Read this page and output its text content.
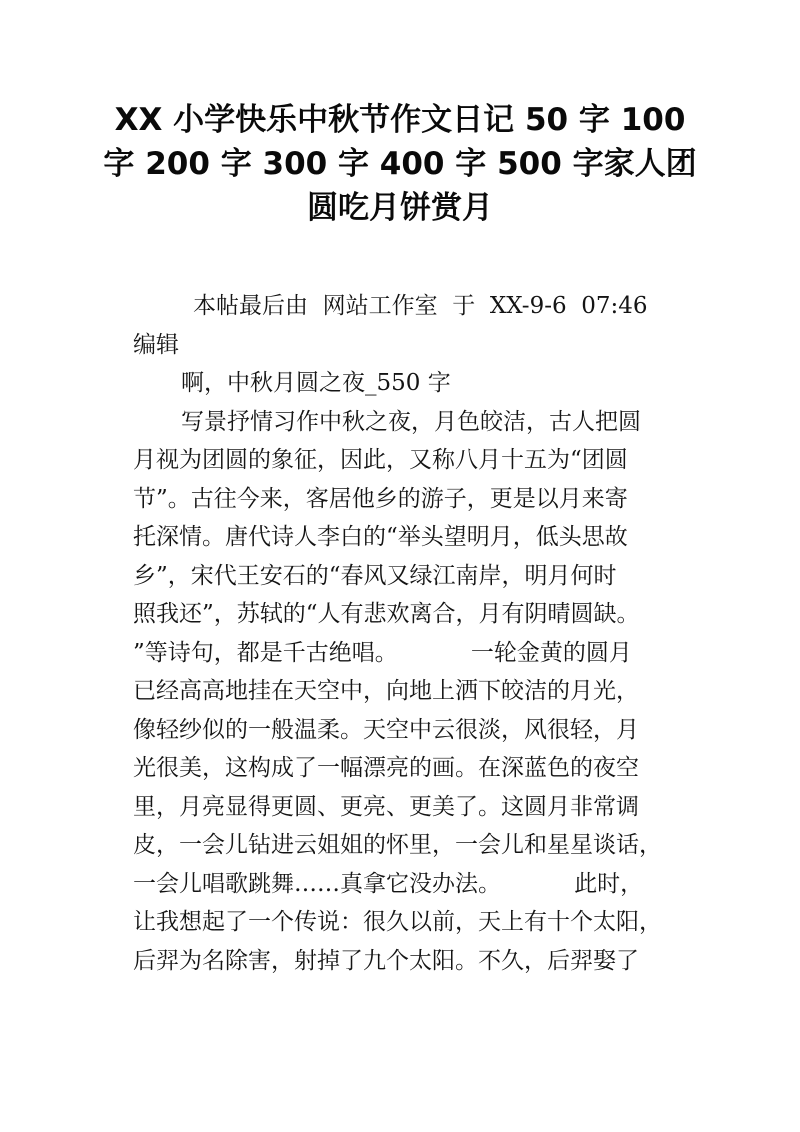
XX 小学快乐中秋节作文日记 50 字 100
字 200 字 300 字 400 字 500 字家人团
圆吃月饼赏月
本帖最后由  网站工作室  于  XX-9-6  07:46
编辑
啊，中秋月圆之夜_550 字
写景抒情习作中秋之夜，月色皎洁，古人把圆
月视为团圆的象征，因此，又称八月十五为“团圆
节”。古往今来，客居他乡的游子，更是以月来寄
托深情。唐代诗人李白的“举头望明月，低头思故
乡”，宋代王安石的“春风又绿江南岸，明月何时
照我还”，苏轼的“人有悲欢离合，月有阴晴圆缺。
”等诗句，都是千古绝唱。          一轮金黄的圆月
已经高高地挂在天空中，向地上洒下皎洁的月光，
像轻纱似的一般温柔。天空中云很淡，风很轻，月
光很美，这构成了一幅漂亮的画。在深蓝色的夜空
里，月亮显得更圆、更亮、更美了。这圆月非常调
皮，一会儿钻进云姐姐的怀里，一会儿和星星谈话，
一会儿唱歌跳舞……真拿它没办法。          此时，
让我想起了一个传说：很久以前，天上有十个太阳，
后羿为名除害，射掉了九个太阳。不久，后羿娶了
